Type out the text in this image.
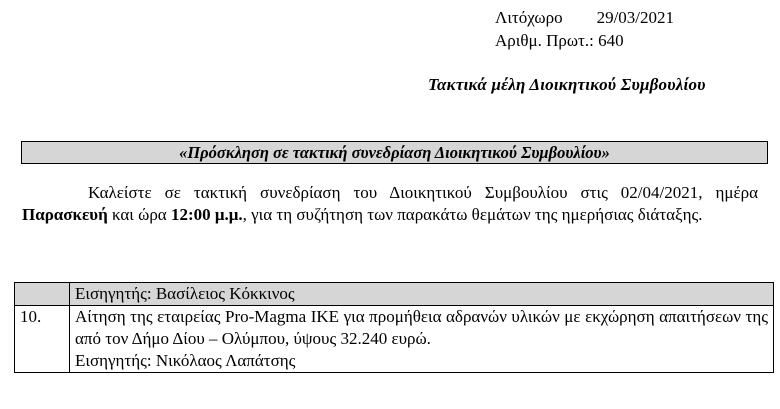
Λιτόχωρο 29/03/2021
Αριθμ. Πρωτ.: 640
Τακτικά μέλη Διοικητικού Συμβουλίου
«Πρόσκληση σε τακτική συνεδρίαση Διοικητικού Συμβουλίου»

Καλείστε σε τακτική συνεδρίαση του Διοικητικού Συμβουλίου στις 02/04/2021, ημέρα Παρασκευή και ώρα 12:00 μ.μ., για τη συζήτηση των παρακάτω θεμάτων της ημερήσιας διάταξης.

	Εισηγητής: Βασίλειος Κόκκινος
10.	Αίτηση της εταιρείας Pro-Magma ΙΚΕ για προμήθεια αδρανών υλικών με εκχώρηση απαιτήσεων της από τον Δήμο Δίου – Ολύμπου, ύψους 32.240 ευρώ.
Εισηγητής: Νικόλαος Λαπάτσης
